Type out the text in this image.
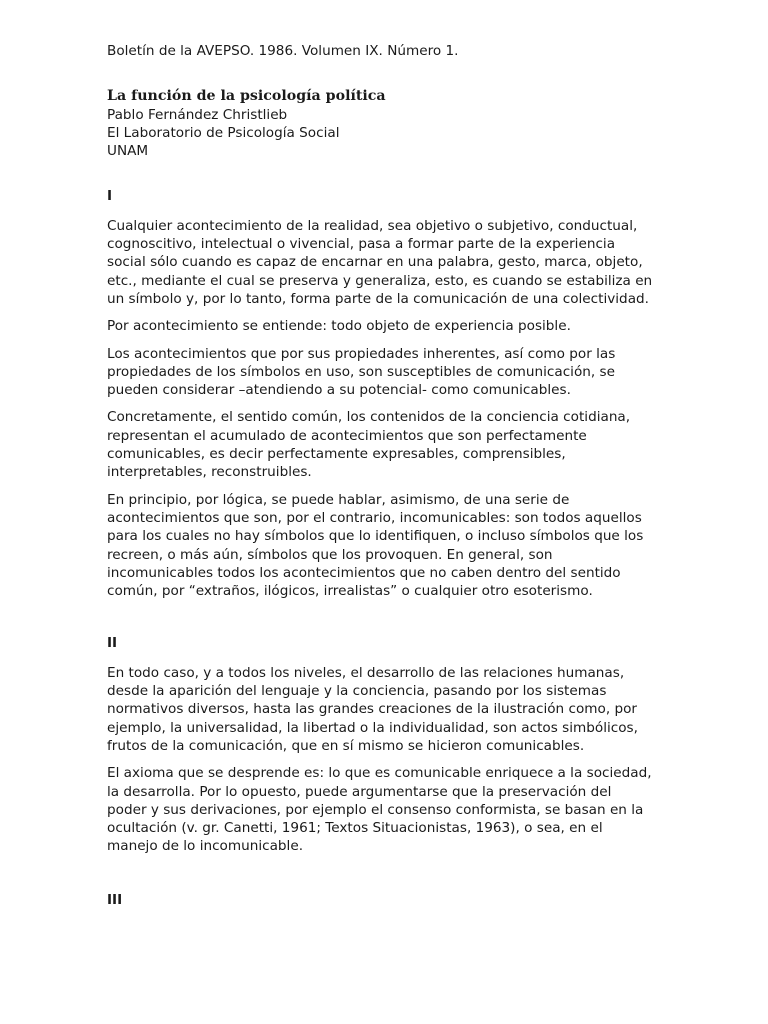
Boletín de la AVEPSO. 1986. Volumen IX. Número 1.

La función de la psicología política

Pablo Fernández Christlieb

El Laboratorio de Psicología Social

UNAM

I

Cualquier acontecimiento de la realidad, sea objetivo o subjetivo, conductual,
cognoscitivo, intelectual o vivencial, pasa a formar parte de la experiencia
social sólo cuando es capaz de encarnar en una palabra, gesto, marca, objeto,
etc., mediante el cual se preserva y generaliza, esto, es cuando se estabiliza en
un símbolo y, por lo tanto, forma parte de la comunicación de una colectividad.

Por acontecimiento se entiende: todo objeto de experiencia posible.

Los acontecimientos que por sus propiedades inherentes, así como por las
propiedades de los símbolos en uso, son susceptibles de comunicación, se
pueden considerar –atendiendo a su potencial- como comunicables.

Concretamente, el sentido común, los contenidos de la conciencia cotidiana,
representan el acumulado de acontecimientos que son perfectamente
comunicables, es decir perfectamente expresables, comprensibles,
interpretables, reconstruibles.

En principio, por lógica, se puede hablar, asimismo, de una serie de
acontecimientos que son, por el contrario, incomunicables: son todos aquellos
para los cuales no hay símbolos que lo identifiquen, o incluso símbolos que los
recreen, o más aún, símbolos que los provoquen. En general, son
incomunicables todos los acontecimientos que no caben dentro del sentido
común, por “extraños, ilógicos, irrealistas” o cualquier otro esoterismo.

II

En todo caso, y a todos los niveles, el desarrollo de las relaciones humanas,
desde la aparición del lenguaje y la conciencia, pasando por los sistemas
normativos diversos, hasta las grandes creaciones de la ilustración como, por
ejemplo, la universalidad, la libertad o la individualidad, son actos simbólicos,
frutos de la comunicación, que en sí mismo se hicieron comunicables.

El axioma que se desprende es: lo que es comunicable enriquece a la sociedad,
la desarrolla. Por lo opuesto, puede argumentarse que la preservación del
poder y sus derivaciones, por ejemplo el consenso conformista, se basan en la
ocultación (v. gr. Canetti, 1961; Textos Situacionistas, 1963), o sea, en el
manejo de lo incomunicable.

III
